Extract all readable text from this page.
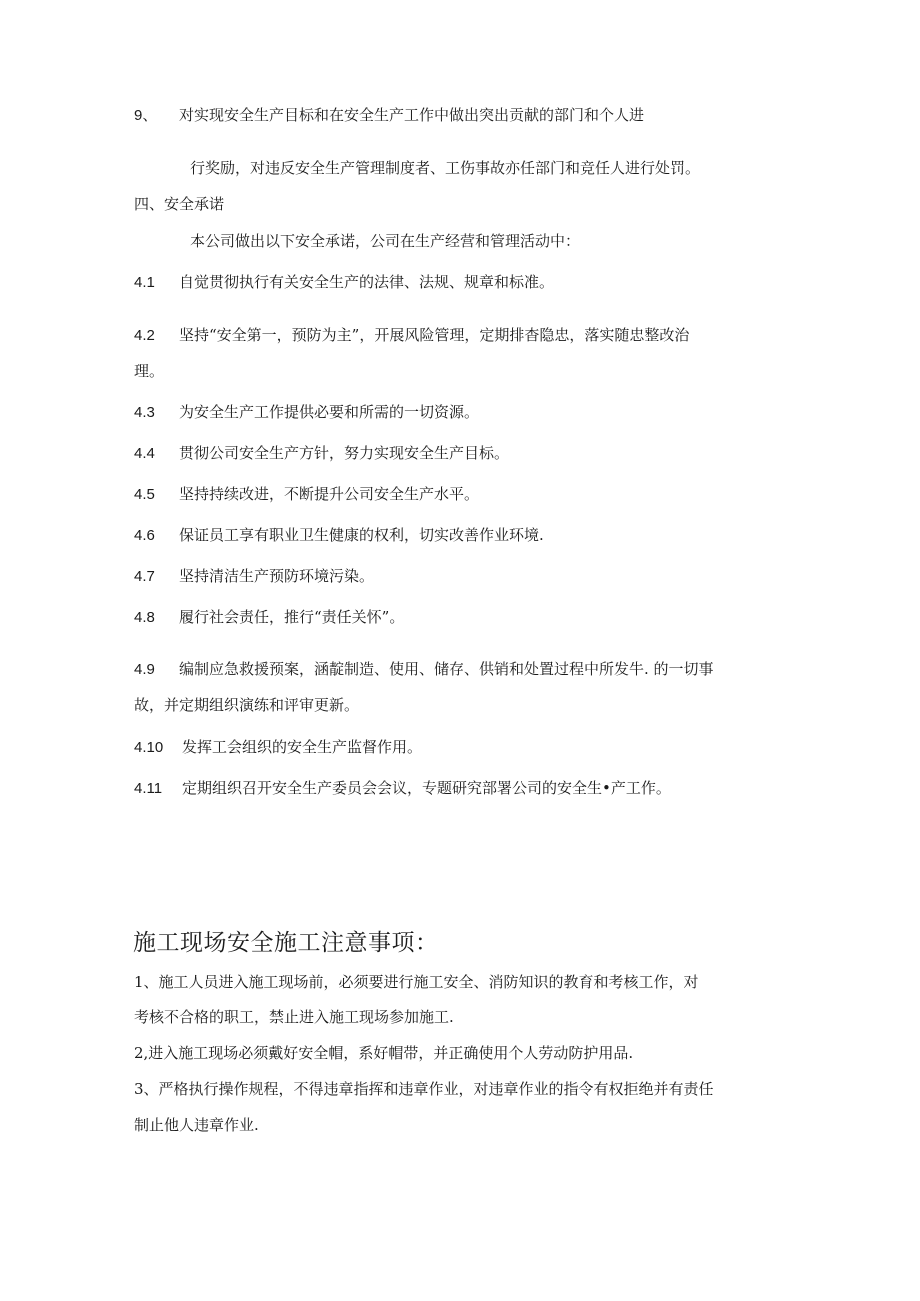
9、 对实现安全生产目标和在安全生产工作中做出突出贡献的部门和个人进
行奖励，对违反安全生产管理制度者、工伤事故亦任部门和竞任人进行处罚。
四、安全承诺
本公司做出以下安全承诺，公司在生产经营和管理活动中：
4.1 自觉贯彻执行有关安全生产的法律、法规、规章和标准。
4.2 坚持“安全第一，预防为主”，开展风险管理，定期排杳隐忠，落实随忠整改治
理。
4.3 为安全生产工作提供必要和所需的一切资源。
4.4 贯彻公司安全生产方针，努力实现安全生产目标。
4.5 坚持持续改进，不断提升公司安全生产水平。
4.6 保证员工享有职业卫生健康的权利，切实改善作业环境.
4.7 坚持清洁生产预防环境污染。
4.8 履行社会责任，推行“责任关怀”。
4.9 编制应急救援预案，涵靛制造、使用、储存、供销和处置过程中所发牛. 的一切事
故，并定期组织演练和评审更新。
4.10 发挥工会组织的安全生产监督作用。
4.11 定期组织召开安全生产委员会会议，专题研究部署公司的安全生•产工作。
施工现场安全施工注意事项：
1、施工人员进入施工现场前，必须要进行施工安全、消防知识的教育和考核工作，对
考核不合格的职工，禁止进入施工现场参加施工.
2,进入施工现场必须戴好安全帽，系好帽带，并正确使用个人劳动防护用品.
3、严格执行操作规程，不得违章指挥和违章作业，对违章作业的指令有权拒绝并有责任
制止他人违章作业.
